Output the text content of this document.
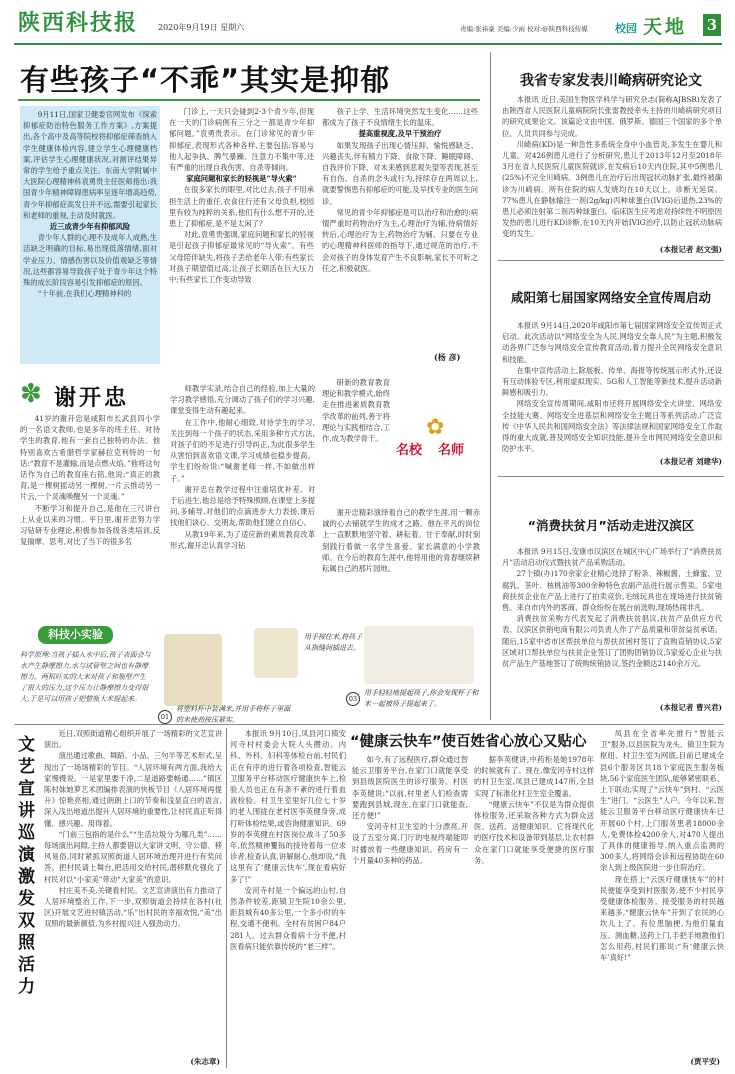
陕西科技报 2020年9月19日 星期六	责编:张祎豪 美编:少雨 校对:@陕西科技传媒 校园 天地 3
有些孩子“不乖”其实是抑郁

9月11日,国家卫健委官网发布《探索抑郁症防治特色服务工作方案》,方案提出,各个高中及高等院校将抑郁症筛查纳入学生健康体检内容,建立学生心理健康档案,评估学生心理健康状况,对测评结果异常的学生给予重点关注。东南大学附属中大医院心理精神科袁勇贵主任医师指出:我国青少年精神障碍患病率呈逐年增高趋势,青少年抑郁症高发日并不远,需要引起家长和老师的重视,主动及时就医。

近三成青少年有抑郁风险

青少年人群的心理不及成年人成熟,生活缺乏明确的目标,易出现低落情绪,面对学业压力、情感伤害以及价值观缺乏等情况,这些都容易导致孩子处于青少年这个特殊的成长阶段容易引发抑郁症的原因。

“十年前,在我们心理精神科的

门诊上,一天只会碰到2-3个青少年,但现在一天的门诊病例有三分之一都是青少年抑郁问题。”袁勇贵表示。在门诊常见的青少年抑郁症,表现形式各种各样,主要包括:容易与他人起争执、脾气暴躁、注意力不集中等,还有严重的出现自我伤害、自杀等倾向。

家庭问题和家长的轻视是“导火索”

在很多家长的眼里,对比过去,孩子不用承担生活上的重任,衣食住行还有父母负担,校园里有较为纯粹的关系,他们有什么想不开的,还患上了抑郁症,是不是太闲了?

对此,袁勇贵强调,家庭问题和家长的轻视是引起孩子抑郁症最常见的“导火索”。有些父母陪伴缺失,将孩子丢给老年人带;有些家长对孩子期望值过高,让孩子长期活在巨大压力中;有些家长工作变动导致

孩子上学、生活环境突然发生变化……这些都成为了孩子不良情绪生长的温床。

提高重视度,及早干预治疗

如果发现孩子出现心情压抑、愉悦感缺乏、兴趣丧失,伴有精力下降、食欲下降、睡眠障碍、自我评价下降、对未来感到悲观失望等表现,甚至有自伤、自杀的念头或行为,持续存在两周以上,就要警惕患有抑郁症的可能,及早找专业的医生问诊。

常见的青少年抑郁症是可以治疗和治愈的:病情严重时药物治疗为主,心理治疗为辅,待病情好转后,心理治疗为主,药物治疗为辅。只要在专业的心理精神科医师的指导下,通过规范的治疗,不会对孩子的身体发育产生不良影响,家长不可听之任之,积极就医。

(杨 彦)
✽ 谢开忠

41岁的谢开忠是咸阳市长武县四小学的一名语文教师,也是多年的班主任。对待学生的教育,他有一套自己独特的办法。他特别喜欢古希腊哲学家赫拉克利特的一句话:“教育不是灌输,而是点燃火焰。”他将这句话作为自己的教育座右铭,他说:“真正的教育,是一棵树摇动另一棵树,一片云推动另一片云,一个灵魂唤醒另一个灵魂。”

不断学习和提升自己,是他在三尺讲台上从业以来的习惯。平日里,谢开忠努力学习钻研专业理论,积极参加各级各类培训,反复揣摩、思考,对比了当下的很多名

师教学实录,结合自己的经验,加上大量的学习教学感悟,充分调动了孩子们的学习兴趣,课堂变得生动有趣起来。

在工作中,他耐心细致,对待学生的学习,关注到每一个孩子的状态,采用多种方式方法,对孩子们的不足进行引导纠正,为此很多学生从害怕到喜欢语文课,学习成绩也稳步提高。学生们纷纷说:“喊谢老师一样,不如做出样子。”

谢开忠在教学过程中注重培优补差。对于后进生,他总是给予特殊照顾,在课堂上多提问,多辅导,对他们的点滴进步大力表扬,课后找他们谈心、交朋友,帮助他们建立自信心。

从教19年来,为了适应新的素质教育改革形式,谢开忠认真学习钻

研新的教育教育理论和教学模式,始终走在推进素质教育教学改革的前列,善于将理论与实践相结合,工作,成为教学骨干。	✿
名校 名师

谢开忠精彩演绎着自己的教学生涯,用一颗赤诚的心去铺就学生的成才之路。他在平凡的岗位上一直默默地坚守着、耕耘着。甘于奉献,时时刻刻践行着做一名学生喜爱、家长满意的小学教师。在今后的教育生涯中,他将用他的青春继续耕耘属自己的那片园地。

科技小实验
科学原理:当孩子插入水中后,孩子表面会与水产生静摩擦力,水与试管壁之间也有静摩擦力。两根旺实的大米对孩子和瓶壁产生了很大的压力,这个压力让静摩擦力变得很大,于是可以用孩子把整瓶大米提起来。
01
将塑料杯中装满米,并用手将杯子里面的米使劲按压紧实。
用手按住米,将筷子从指缝间插进去。
03
用手轻轻地提起筷子,你会发现杯子和米一起被筷子提起来了。
我省专家发表川崎病研究论文

本报讯 近日,美国生物医学科学与研究杂志(简称AJBSR)发表了由陕西省人民医院儿童病院院长张雷教授牵头主持的川崎病研究项目的研究成果论文。该篇论文由中国、俄罗斯、德国三个国家的多个单位、人员共同参与完成。

川崎病(KD)是一种急性多系统全身中小血管炎,多发生在婴儿和儿童。对426例患儿进行了分析研究,患儿于2013年12月至2018年3月在省人民医院儿童医院就诊,在发病后10天内住院,其中5例患儿(25%)不完全川崎病。3例患儿在治疗后出现冠状动脉扩张,最终被确诊为川崎病。所有住院的病人发烧均在10天以上。诊断无延误。77%患儿在静脉输注一剂(2g/kg)丙种球蛋白(IVIG)后退热,23%的患儿必须注射第二剂丙种球蛋白。临床医生应考虑对持续性不明原因发热的患儿进行KD诊断,在10天内开始IVIG治疗,以防止冠状动脉病变的发生。

(本报记者 赵文强)
咸阳第七届国家网络安全宣传周启动

本报讯 9月14日,2020年咸阳市第七届国家网络安全宣传周正式启动。此次活动以“网络安全为人民,网络安全靠人民”为主题,积极发动各界广泛参与网络安全宣传教育活动,着力提升全民网络安全意识和技能。

在集中宣传活动上,除展板、传单、海报等传统展示形式外,还设有互动体验专区,利用虚拟现实、5G和人工智能等新技术,提升活动新鲜感和吸引力。

网络安全宣传周期间,咸阳市还将开展网络安全大讲堂、网络安全技能大赛、网络安全进基层和网络安全主题日等系列活动,广泛宣传《中华人民共和国网络安全法》等法律法规和国家网络安全工作取得的重大成就,普及网络安全知识技能,提升全市网民网络安全意识和防护水平。

(本报记者 刘建华)
“消费扶贫月”活动走进汉滨区

本报讯 9月15日,安康市汉滨区在城区中心广场举行了“消费扶贫月”活动启动仪式暨扶贫产品采购活动。

27个镇(办)170余家企业精心选择了粉条、辣椒酱、土蜂蜜、豆腐乳、茶叶、核桃油等300余种特色农副产品进行展示售卖。5家电商扶贫企业在产品上进行了拍卖竞价,毛绒玩具也在现场进行扶贫销售。来自市内外的客商、群众纷纷在展台前选购,现场热闹非凡。

消费扶贫采购方代表发起了消费扶贫倡议,扶贫产品供应方代表、汉滨区供销电商有限公司负责人作了产品质量和带贫益贫承诺。随后,15家中省市区帮扶单位与帮扶贫困村签订了直购直销协议,5家区域对口帮扶单位与扶贫企业签订了团购团销协议,5家爱心企业与扶贫产品生产基地签订了统购统销协议,签约金额达2140余万元。

(本报记者 曹兴君)
文艺宣讲巡演激发双照活力

近日,双照街道精心组织开展了一场精彩的文艺宣讲演出。

演出通过歌曲、舞蹈、小品、三句半等艺术形式,呈现出了一场场精彩的节目。“人居环境有两方面,我给大家慢慢说。一是家里要干净,二是道路要畅通……”镇区陈村妹她萝艺术团编排表演的快板节目《人居环境再提升》惊艳亮相,通过朗朗上口的节奏和浅显直白的语言,深入浅出地道出提升人居环境的重要性,让村民真正听得懂、感兴趣、用得着。

“门前三包指的是什么”“生活垃圾分为哪几类”……每场演出间隙,主持人都要借以大家讲文明、守公德、移风易俗,同时紧抓双照街道人居环境治理开进行有奖问答。把村民请上舞台,把活用交给村民,潜移默化强化了村民对以“小家美”带动“大家美”的意识。

村庄美不美,关键看村民。文艺宣讲演出有力推动了人居环境整治工作,下一步,双照街道会持续在各村(社区)开展文艺进村镇活动,“乐”出村民的幸福欢悦,“美”出双照的最新颜值,为乡村振兴注入强劲动力。

(朱志章)
“健康云快车”使百姓省心放心又贴心

本报讯 9月10日,凤县河口镇安河寺村村委会大院人头攒动。内科、外科、妇科等体检台前,村民们正在有序的进行着各项检查,智能云卫服务平台移动医疗健康快车上,检验人员也正在有条不紊的进行着血液检验。村卫生室里好几位七十岁的老人围拢在老村医李英健身旁,成打听体检结果,或咨询健康知识。69岁的李英健在村医岗位战斗了50多年,依然精神矍铄的接待着每一位求诊者,检查认真,讲解耐心,他却说,“我这里有了‘健康云快车’,现在看病好多了!”

安河寺村是一个偏远的山村,自然条件较差,距镇卫生院10余公里,距县城有40多公里,一个多小时的车程,交通不便利。全村有贫困户84户281人。过去群众看病十分不便,村医看病只能依靠传统的“老三样”。

如今,有了远程医疗,群众通过智能云卫服务平台,在家门口就能享受到县级医院医生的诊疗服务。村医李英健说:“以前,村里老人们检查需要跑到县城,现在,在家门口就能查,还方便!”

安河寺村卫生室的十分漂亮,开设了五室分离,门厅的电视终端能即时播放着一些健康知识。药房有一个月量40多种的药品。

据李英健讲,中药柜是她1978年的时候就有了。现在,像安河寺村这样的村卫生室,凤县已建成147所,全县实现了标准化村卫生室全覆盖。

“健康云快车”不仅是为群众提供体检服务,还采取各种方式为群众送医、送药、送健康知识。它将现代化的医疗技术和设备带到基层,让农村群众在家门口就能享受便捷的医疗服务。

凤县在全省率先推行“智能云卫”服务,以县医院为龙头、镇卫生院为枢纽、村卫生室为网底,目前已建成全县6个服务区共18个家庭医生服务板块,56个家庭医生团队,能够紧密联系、上下联动,实现了“云快车”到村、“云医生”进门、“云医生”人户。今年以来,智能云卫服务平台移动医疗健康快车已开展60个村,上门服务患者18000余人,免费体检4200余人,对470人提出了具体的健康指导,纳入重点监测的300多人,将网络会诊和远程协助在60余人到上级医院进一步住院治疗。

现在搭上“云医疗健康快车”的村民便能享受到村医服务,使不少村民享受健康体检服务。接受服务的村民越来越多,“健康云快车”开到了农民的心坎儿上了。有位患脑梗,为他们量血压、测血糖,送药上门,手把手地教他们怎么用药,村民们都说:“有‘健康云快车’真好!”

(贾平安)
